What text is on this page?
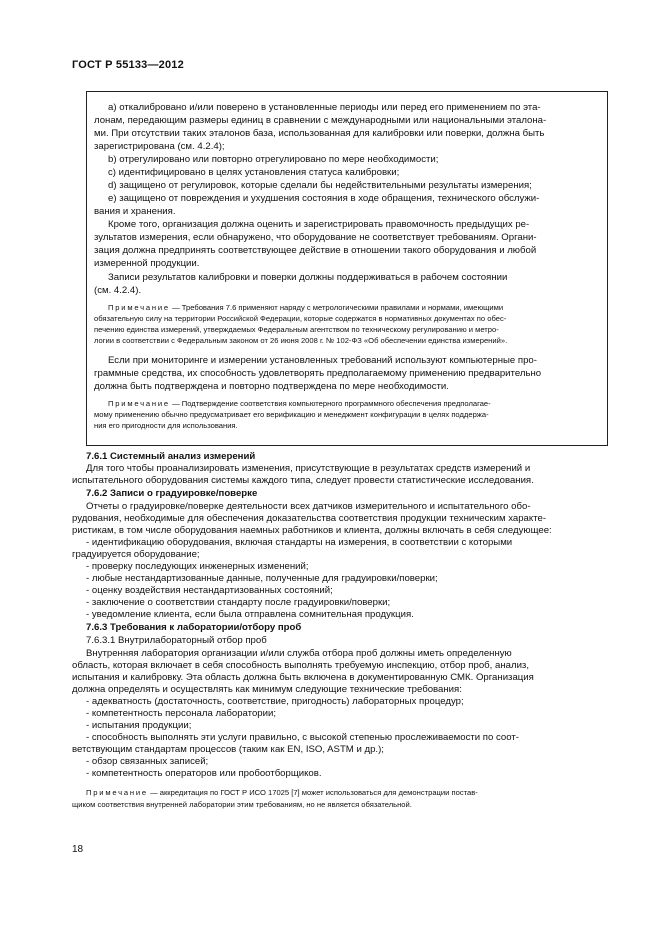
ГОСТ Р 55133—2012
а) откалибровано и/или поверено в установленные периоды или перед его применением по эта-
лонам, передающим размеры единиц в сравнении с международными или национальными эталона-
ми. При отсутствии таких эталонов база, использованная для калибровки или поверки, должна быть
зарегистрирована (см. 4.2.4);
b) отрегулировано или повторно отрегулировано по мере необходимости;
c) идентифицировано в целях установления статуса калибровки;
d) защищено от регулировок, которые сделали бы недействительными результаты измерения;
e) защищено от повреждения и ухудшения состояния в ходе обращения, технического обслужи-
вания и хранения.
Кроме того, организация должна оценить и зарегистрировать правомочность предыдущих ре-
зультатов измерения, если обнаружено, что оборудование не соответствует требованиям. Органи-
зация должна предпринять соответствующее действие в отношении такого оборудования и любой
измеренной продукции.
Записи результатов калибровки и поверки должны поддерживаться в рабочем состоянии
(см. 4.2.4).
Примечание — Требования 7.6 применяют наряду с метрологическими правилами и нормами, имеющими
обязательную силу на территории Российской Федерации, которые содержатся в нормативных документах по обес-
печению единства измерений, утверждаемых Федеральным агентством по техническому регулированию и метро-
логии в соответствии с Федеральным законом от 26 июня 2008 г. № 102-ФЗ «Об обеспечении единства измерений».
Если при мониторинге и измерении установленных требований используют компьютерные про-
граммные средства, их способность удовлетворять предполагаемому применению предварительно
должна быть подтверждена и повторно подтверждена по мере необходимости.
Примечание — Подтверждение соответствия компьютерного программного обеспечения предполагае-
мому применению обычно предусматривает его верификацию и менеджмент конфигурации в целях поддержа-
ния его пригодности для использования.
7.6.1 Системный анализ измерений
Для того чтобы проанализировать изменения, присутствующие в результатах средств измерений и
испытательного оборудования системы каждого типа, следует провести статистические исследования.
7.6.2 Записи о градуировке/поверке
Отчеты о градуировке/поверке деятельности всех датчиков измерительного и испытательного обо-
рудования, необходимые для обеспечения доказательства соответствия продукции техническим характе-
ристикам, в том числе оборудования наемных работников и клиента, должны включать в себя следующее:
- идентификацию оборудования, включая стандарты на измерения, в соответствии с которыми
градуируется оборудование;
- проверку последующих инженерных изменений;
- любые нестандартизованные данные, полученные для градуировки/поверки;
- оценку воздействия нестандартизованных состояний;
- заключение о соответствии стандарту после градуировки/поверки;
- уведомление клиента, если была отправлена сомнительная продукция.
7.6.3 Требования к лаборатории/отбору проб
7.6.3.1 Внутрилабораторный отбор проб
Внутренняя лаборатория организации и/или служба отбора проб должны иметь определенную
область, которая включает в себя способность выполнять требуемую инспекцию, отбор проб, анализ,
испытания и калибровку. Эта область должна быть включена в документированную СМК. Организация
должна определять и осуществлять как минимум следующие технические требования:
- адекватность (достаточность, соответствие, пригодность) лабораторных процедур;
- компетентность персонала лаборатории;
- испытания продукции;
- способность выполнять эти услуги правильно, с высокой степенью прослеживаемости по соот-
ветствующим стандартам процессов (таким как EN, ISO, ASTM и др.);
- обзор связанных записей;
- компетентность операторов или пробоотборщиков.
Примечание — аккредитация по ГОСТ Р ИСО 17025 [7] может использоваться для демонстрации постав-
щиком соответствия внутренней лаборатории этим требованиям, но не является обязательной.
18
